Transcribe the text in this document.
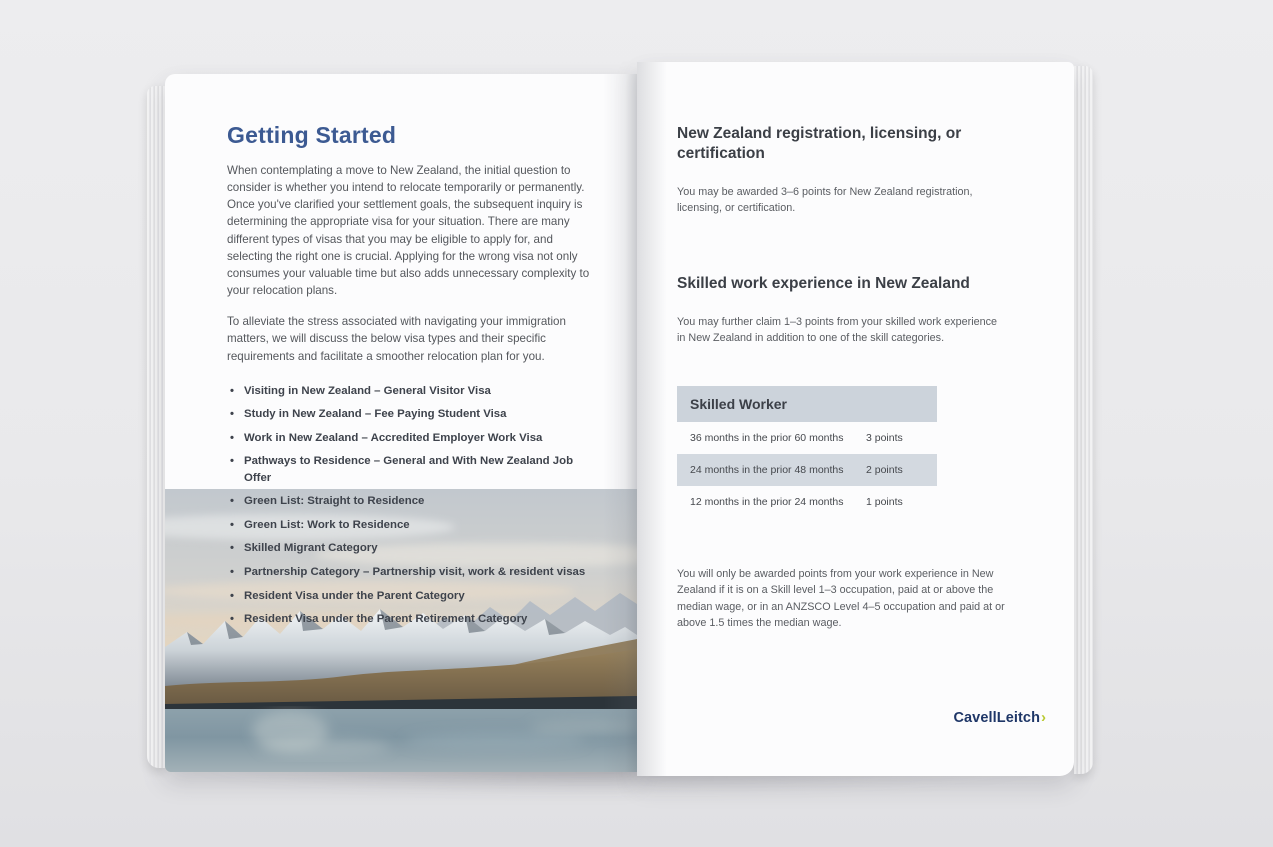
Getting Started

When contemplating a move to New Zealand, the initial question to consider is whether you intend to relocate temporarily or permanently. Once you've clarified your settlement goals, the subsequent inquiry is determining the appropriate visa for your situation. There are many different types of visas that you may be eligible to apply for, and selecting the right one is crucial. Applying for the wrong visa not only consumes your valuable time but also adds unnecessary complexity to your relocation plans.

To alleviate the stress associated with navigating your immigration matters, we will discuss the below visa types and their specific requirements and facilitate a smoother relocation plan for you.

• Visiting in New Zealand – General Visitor Visa
• Study in New Zealand – Fee Paying Student Visa
• Work in New Zealand – Accredited Employer Work Visa
• Pathways to Residence – General and With New Zealand Job Offer
• Green List: Straight to Residence
• Green List: Work to Residence
• Skilled Migrant Category
• Partnership Category – Partnership visit, work & resident visas
• Resident Visa under the Parent Category
• Resident Visa under the Parent Retirement Category
New Zealand registration, licensing, or certification

You may be awarded 3–6 points for New Zealand registration, licensing, or certification.

Skilled work experience in New Zealand

You may further claim 1–3 points from your skilled work experience in New Zealand in addition to one of the skill categories.

Skilled Worker
36 months in the prior 60 months	3 points
24 months in the prior 48 months	2 points
12 months in the prior 24 months	1 points

You will only be awarded points from your work experience in New Zealand if it is on a Skill level 1–3 occupation, paid at or above the median wage, or in an ANZSCO Level 4–5 occupation and paid at or above 1.5 times the median wage.

CavellLeitch›
